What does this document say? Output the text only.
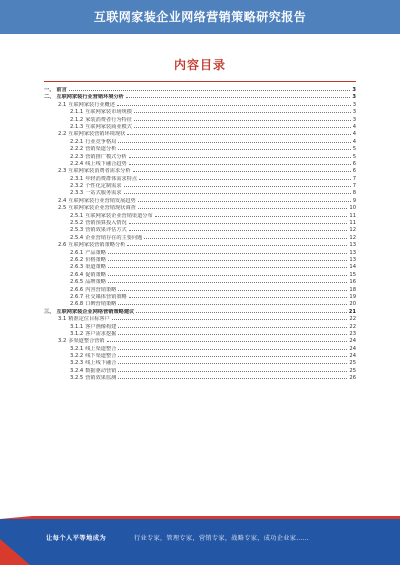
互联网家装企业网络营销策略研究报告
内容目录
一、 前言	3
二、 互联网家装行业营销环境分析	3
2.1 互联网家装行业概述	3
2.1.1 互联网家装市场规模	3
2.1.2 家装消费者行为特征	3
2.1.3 互联网家装商业模式	4
2.2 互联网家装营销环境现状	4
2.2.1 行业竞争格局	4
2.2.2 营销渠道分析	5
2.2.3 营销推广模式分析	5
2.2.4 线上线下融合趋势	6
2.3 互联网家装消费者需求分析	6
2.3.1 年轻消费群体需求特点	7
2.3.2 个性化定制需求	7
2.3.3 一站式服务需求	8
2.4 互联网家装行业营销发展趋势	9
2.5 互联网家装企业营销现状调查	10
2.5.1 互联网家装企业营销渠道分布	11
2.5.2 营销预算投入情况	11
2.5.3 营销效果评估方式	12
2.5.4 企业营销存在的主要问题	12
2.6 互联网家装营销策略分析	13
2.6.1 产品策略	13
2.6.2 价格策略	13
2.6.3 渠道策略	14
2.6.4 促销策略	15
2.6.5 品牌策略	16
2.6.6 内容营销策略	18
2.6.7 社交媒体营销策略	19
2.6.8 口碑营销策略	20
三、 互联网家装企业网络营销策略建议	21
3.1 精准定位目标客户	22
3.1.1 客户画像构建	22
3.1.2 客户需求挖掘	23
3.2 多渠道整合营销	24
3.2.1 线上渠道整合	24
3.2.2 线下渠道整合	24
3.2.3 线上线下融合	25
3.2.4 数据驱动营销	25
3.2.5 营销效果监测	26
让每个人平等地成为	行业专家，管理专家，营销专家，战略专家，成功企业家……
